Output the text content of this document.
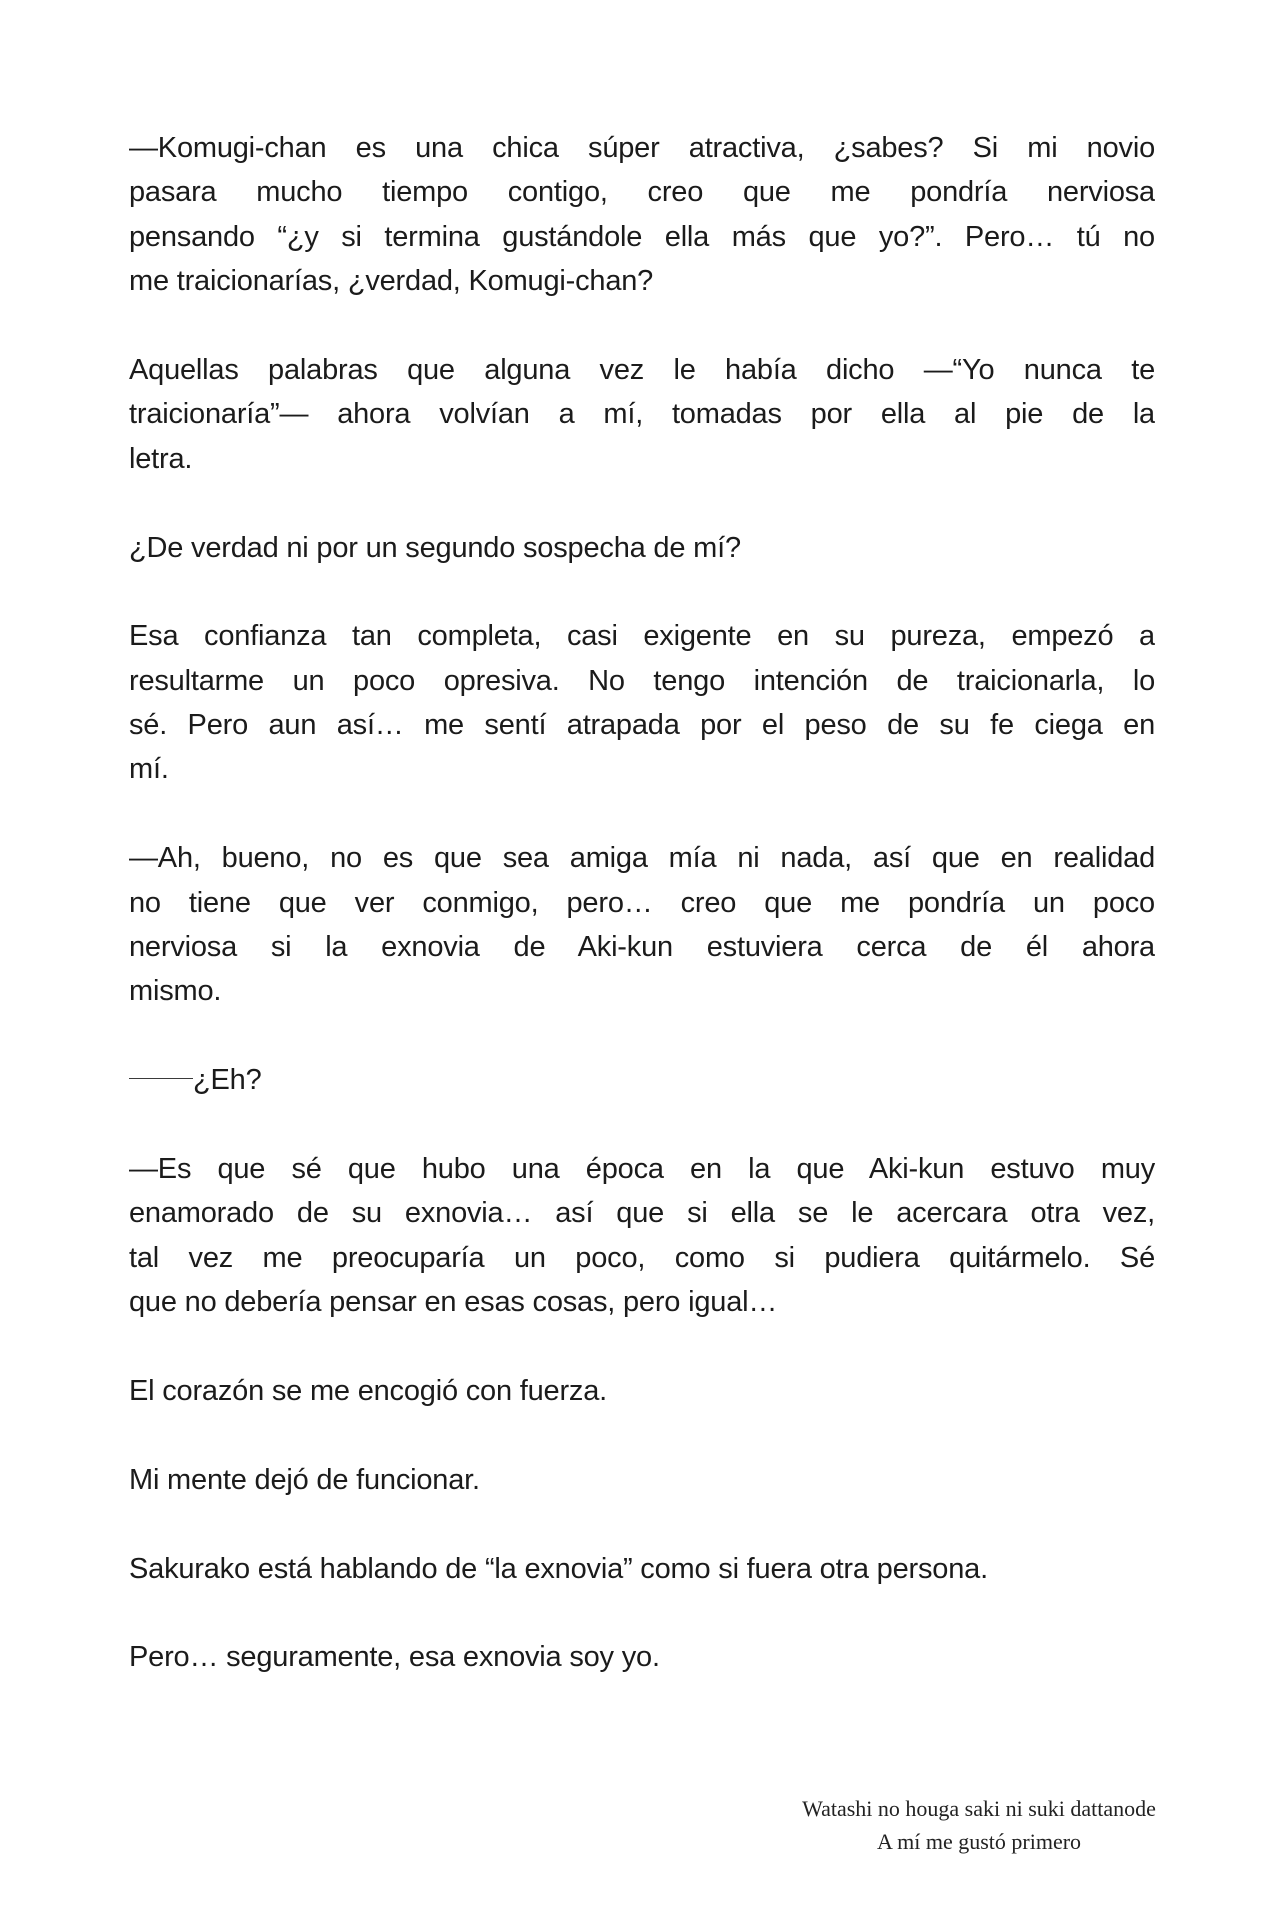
—Komugi-chan es una chica súper atractiva, ¿sabes? Si mi novio
pasara mucho tiempo contigo, creo que me pondría nerviosa
pensando “¿y si termina gustándole ella más que yo?”. Pero… tú no
me traicionarías, ¿verdad, Komugi-chan?
Aquellas palabras que alguna vez le había dicho —“Yo nunca te
traicionaría”— ahora volvían a mí, tomadas por ella al pie de la
letra.
¿De verdad ni por un segundo sospecha de mí?
Esa confianza tan completa, casi exigente en su pureza, empezó a
resultarme un poco opresiva. No tengo intención de traicionarla, lo
sé. Pero aun así… me sentí atrapada por el peso de su fe ciega en
mí.
—Ah, bueno, no es que sea amiga mía ni nada, así que en realidad
no tiene que ver conmigo, pero… creo que me pondría un poco
nerviosa si la exnovia de Aki-kun estuviera cerca de él ahora
mismo.
¿Eh?
—Es que sé que hubo una época en la que Aki-kun estuvo muy
enamorado de su exnovia… así que si ella se le acercara otra vez,
tal vez me preocuparía un poco, como si pudiera quitármelo. Sé
que no debería pensar en esas cosas, pero igual…
El corazón se me encogió con fuerza.
Mi mente dejó de funcionar.
Sakurako está hablando de “la exnovia” como si fuera otra persona.
Pero… seguramente, esa exnovia soy yo.
Watashi no houga saki ni suki dattanode
A mí me gustó primero
